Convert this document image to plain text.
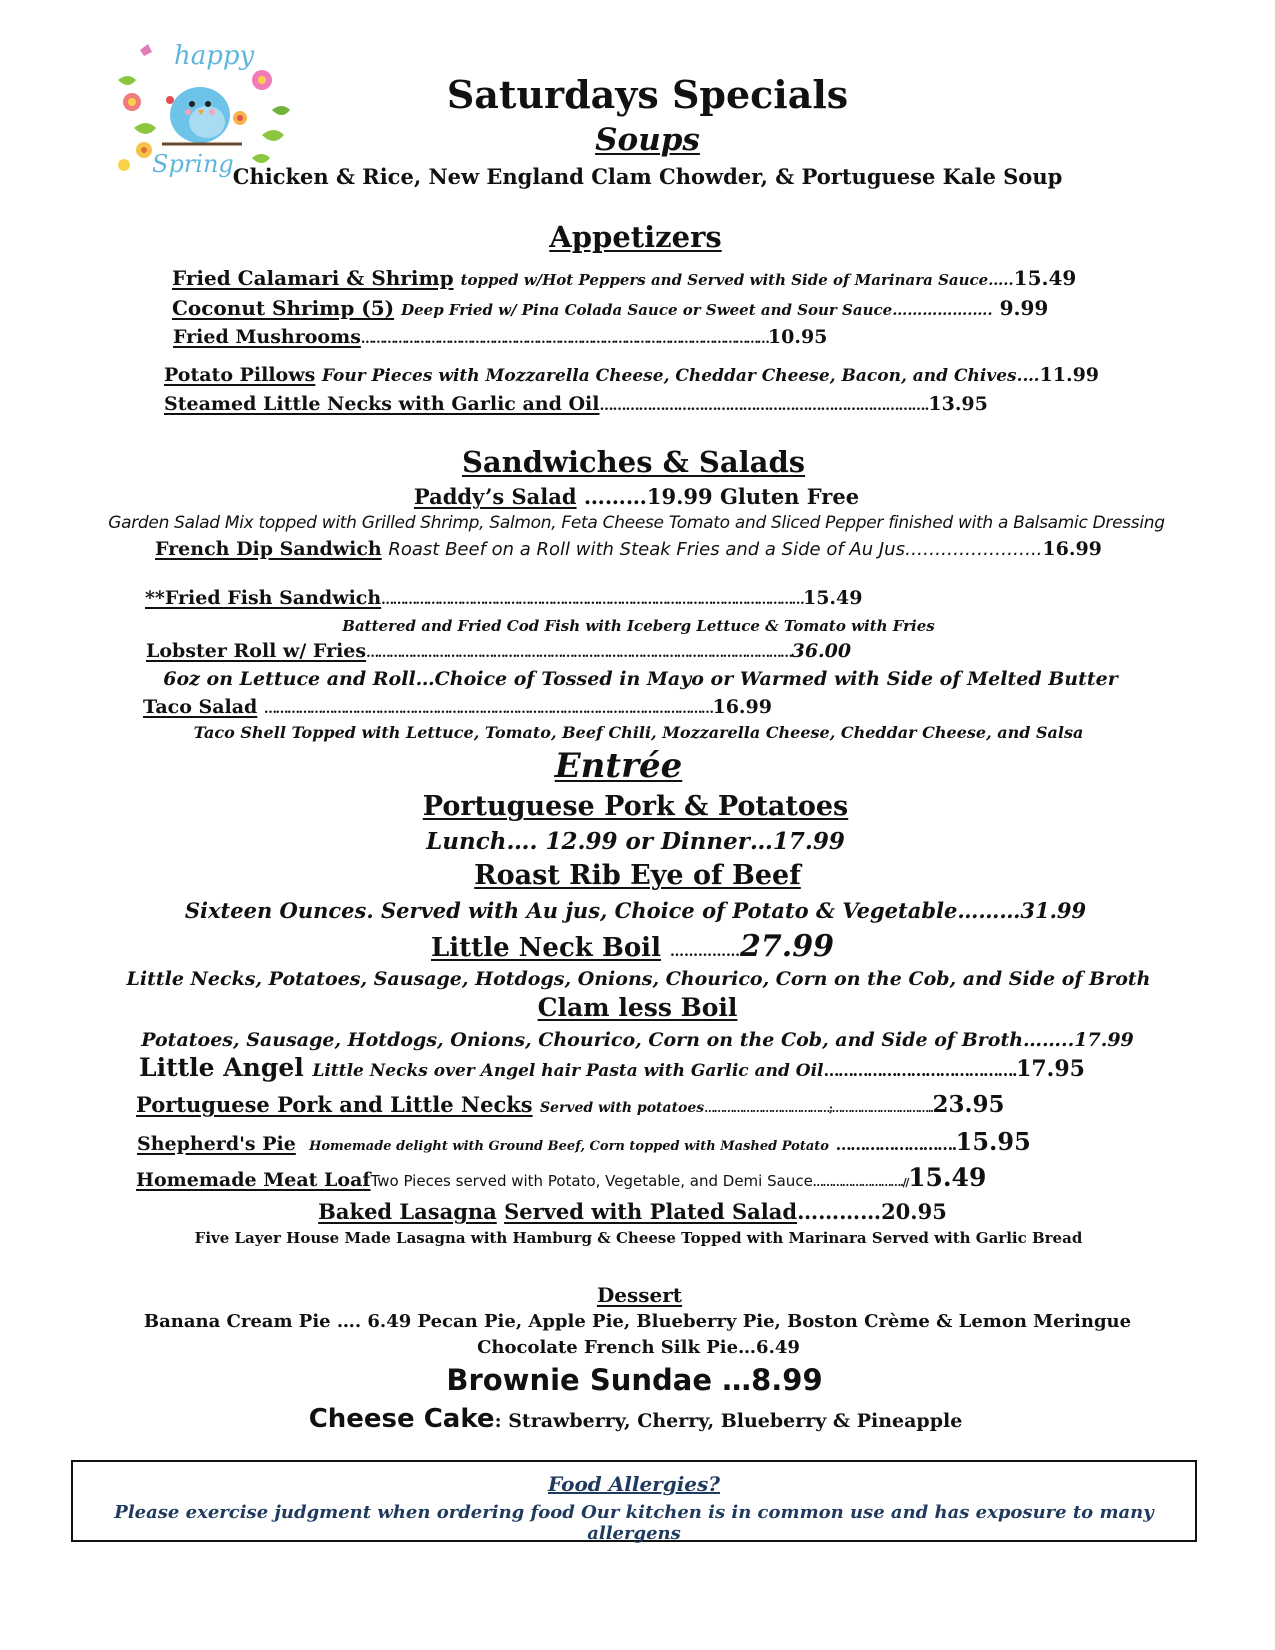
happy
Spring
Saturdays Specials
Soups
Chicken & Rice, New England Clam Chowder, & Portuguese Kale Soup
Appetizers
Fried Calamari & Shrimp topped w/Hot Peppers and Served with Side of Marinara Sauce…..15.49
Coconut Shrimp (5) Deep Fried w/ Pina Colada Sauce or Sweet and Sour Sauce…………….…. 9.99
Fried Mushrooms…………………………………………………………………………………………………10.95
Potato Pillows Four Pieces with Mozzarella Cheese, Cheddar Cheese, Bacon, and Chives.…11.99
Steamed Little Necks with Garlic and Oil………………………………………………………………….13.95
Sandwiches & Salads
Paddy’s Salad ………19.99 Gluten Free
Garden Salad Mix topped with Grilled Shrimp, Salmon, Feta Cheese Tomato and Sliced Pepper finished with a Balsamic Dressing
French Dip Sandwich Roast Beef on a Roll with Steak Fries and a Side of Au Jus…………………..16.99
**Fried Fish Sandwich…………………………………………………………………………………………………15.49
Battered and Fried Cod Fish with Iceberg Lettuce & Tomato with Fries
Lobster Roll w/ Fries…………………………………………………………………………………………………36.00
6oz on Lettuce and Roll…Choice of Tossed in Mayo or Warmed with Side of Melted Butter
Taco Salad ………………………………………………………………………………………………………16.99
Taco Shell Topped with Lettuce, Tomato, Beef Chili, Mozzarella Cheese, Cheddar Cheese, and Salsa
Entrée
Portuguese Pork & Potatoes
Lunch…. 12.99 or Dinner…17.99
Roast Rib Eye of Beef
Sixteen Ounces. Served with Au jus, Choice of Potato & Vegetable………31.99
Little Neck Boil ……………27.99
Little Necks, Potatoes, Sausage, Hotdogs, Onions, Chourico, Corn on the Cob, and Side of Broth
Clam less Boil
Potatoes, Sausage, Hotdogs, Onions, Chourico, Corn on the Cob, and Side of Broth……..17.99
Little Angel Little Necks over Angel hair Pasta with Garlic and Oil………………………………….17.95
Portuguese Pork and Little Necks Served with potatoes…………………………………;…………………………..23.95
Shepherd's Pie Homemade delight with Ground Beef, Corn topped with Mashed Potato …………………….15.95
Homemade Meat LoafTwo Pieces served with Potato, Vegetable, and Demi Sauce……………………….//15.49
Baked Lasagna Served with Plated Salad…………20.95
Five Layer House Made Lasagna with Hamburg & Cheese Topped with Marinara Served with Garlic Bread
Dessert
Banana Cream Pie …. 6.49 Pecan Pie, Apple Pie, Blueberry Pie, Boston Crème & Lemon Meringue
Chocolate French Silk Pie…6.49
Brownie Sundae …8.99
Cheese Cake: Strawberry, Cherry, Blueberry & Pineapple
Food Allergies?
Please exercise judgment when ordering food Our kitchen is in common use and has exposure to many allergens
